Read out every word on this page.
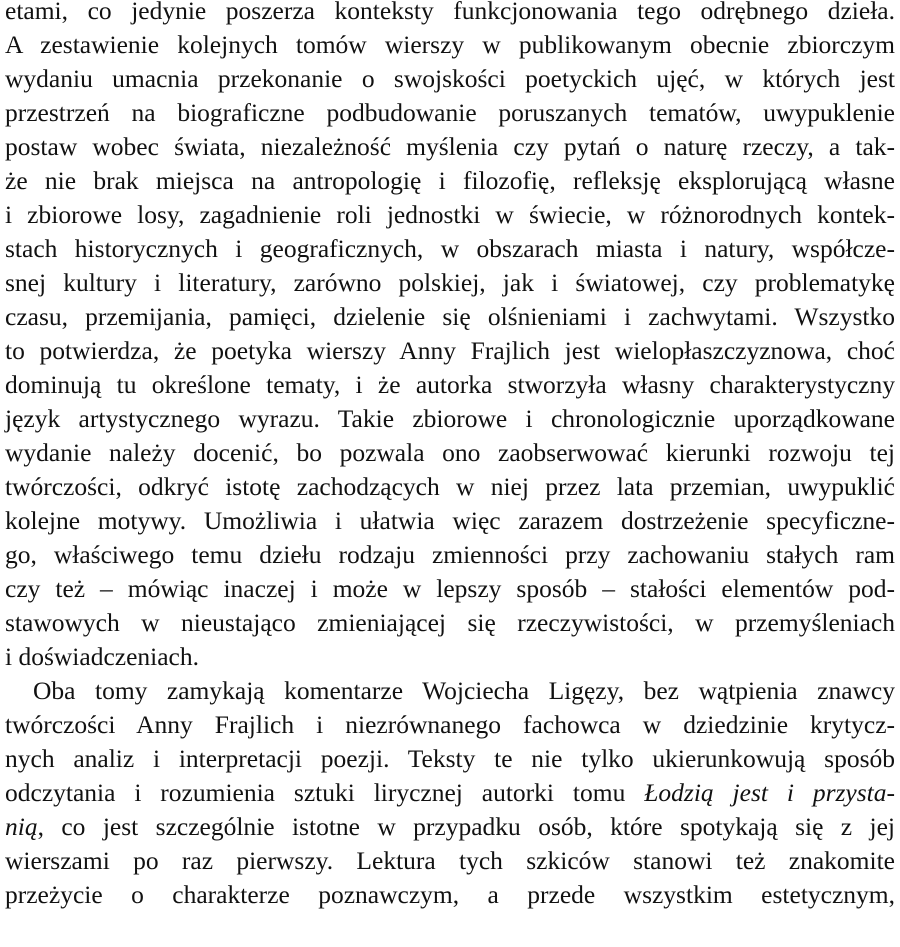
etami, co jedynie poszerza konteksty funkcjonowania tego odrębnego dzieła.
A zestawienie kolejnych tomów wierszy w publikowanym obecnie zbiorczym
wydaniu umacnia przekonanie o swojskości poetyckich ujęć, w których jest
przestrzeń na biograficzne podbudowanie poruszanych tematów, uwypuklenie
postaw wobec świata, niezależność myślenia czy pytań o naturę rzeczy, a tak-
że nie brak miejsca na antropologię i filozofię, refleksję eksplorującą własne
i zbiorowe losy, zagadnienie roli jednostki w świecie, w różnorodnych kontek-
stach historycznych i geograficznych, w obszarach miasta i natury, współcze-
snej kultury i literatury, zarówno polskiej, jak i światowej, czy problematykę
czasu, przemijania, pamięci, dzielenie się olśnieniami i zachwytami. Wszystko
to potwierdza, że poetyka wierszy Anny Frajlich jest wielopłaszczyznowa, choć
dominują tu określone tematy, i że autorka stworzyła własny charakterystyczny
język artystycznego wyrazu. Takie zbiorowe i chronologicznie uporządkowane
wydanie należy docenić, bo pozwala ono zaobserwować kierunki rozwoju tej
twórczości, odkryć istotę zachodzących w niej przez lata przemian, uwypuklić
kolejne motywy. Umożliwia i ułatwia więc zarazem dostrzeżenie specyficzne-
go, właściwego temu dziełu rodzaju zmienności przy zachowaniu stałych ram
czy też – mówiąc inaczej i może w lepszy sposób – stałości elementów pod-
stawowych w nieustająco zmieniającej się rzeczywistości, w przemyśleniach
i doświadczeniach.
Oba tomy zamykają komentarze Wojciecha Ligęzy, bez wątpienia znawcy
twórczości Anny Frajlich i niezrównanego fachowca w dziedzinie krytycz-
nych analiz i interpretacji poezji. Teksty te nie tylko ukierunkowują sposób
odczytania i rozumienia sztuki lirycznej autorki tomu Łodzią jest i przysta-
nią, co jest szczególnie istotne w przypadku osób, które spotykają się z jej
wierszami po raz pierwszy. Lektura tych szkiców stanowi też znakomite
przeżycie o charakterze poznawczym, a przede wszystkim estetycznym,
